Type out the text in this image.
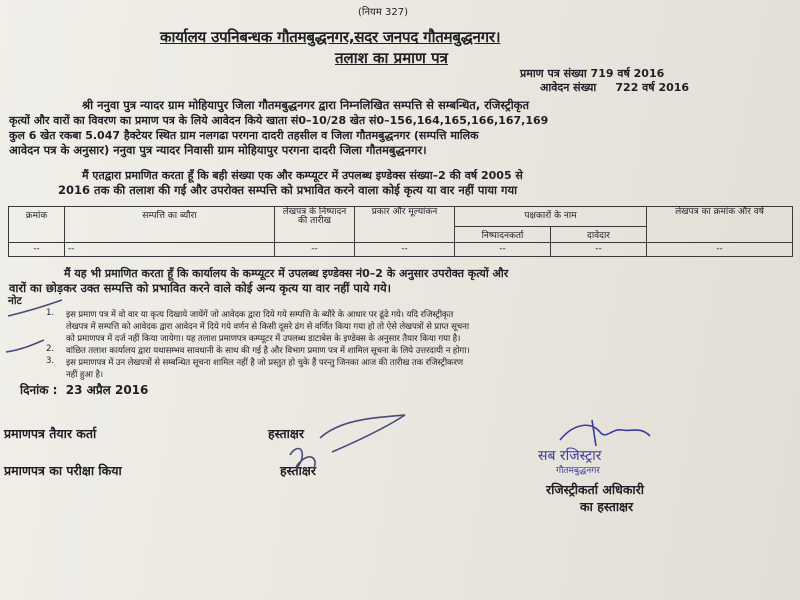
(नियम 327)
कार्यालय उपनिबन्धक गौतमबुद्धनगर,सदर जनपद गौतमबुद्धनगर।
तलाश का प्रमाण पत्र
प्रमाण पत्र संख्या 719 वर्ष 2016
आवेदन संख्या     722 वर्ष 2016
श्री ननुवा पुत्र न्यादर ग्राम मोहियापुर जिला गौतमबुद्धनगर द्वारा निम्नलिखित सम्पत्ति से सम्बन्धित, रजिस्ट्रीकृत
कृत्यों और वारों का विवरण का प्रमाण पत्र के लिये आवेदन किये खाता सं0–10/28 खेत सं0–156,164,165,166,167,169
कुल 6 खेत रकबा 5.047 हैक्टेयर स्थित ग्राम नलगढा परगना दादरी तहसील व जिला गौतमबुद्धनगर (सम्पत्ति मालिक
आवेदन पत्र के अनुसार) ननुवा पुत्र न्यादर निवासी ग्राम मोहियापुर परगना दादरी जिला गौतमबुद्धनगर।
मैं एतद्वारा प्रमाणित करता हूँ कि बही संख्या एक और कम्प्यूटर में उपलब्ध इण्डेक्स संख्या–2 की वर्ष 2005 से
2016 तक की तलाश की गई और उपरोक्त सम्पत्ति को प्रभावित करने वाला कोई कृत्य या वार नहीं पाया गया
क्रमांक	सम्पत्ति का ब्यौरा	लेखपत्र के निष्पादन की तारीख	प्रकार और मूल्यांकन	पक्षकारों के नाम		लेखपत्र का क्रमांक और वर्ष
				निष्पादनकर्ता	दावेदार	
--	--	--	--	--	--	--
मैं यह भी प्रमाणित करता हूँ कि कार्यालय के कम्प्यूटर में उपलब्ध इण्डेक्स नं0–2 के अनुसार उपरोक्त कृत्यों और
वारों का छोड़कर उक्त सम्पत्ति को प्रभावित करने वाले कोई अन्य कृत्य या वार नहीं पाये गये।
नोट
1. इस प्रमाण पत्र में वो वार या कृत्य दिखाये जायेंगें जो आवेदक द्वारा दिये गये सम्पत्ति के ब्यौरे के आधार पर ढूंढे गये। यदि रजिस्ट्रीकृत
लेखपत्र में सम्पत्ति को आवेदक द्वारा आवेदन में दिये गये वर्णन से किसी दूसरे ढंग से वर्णित किया गया हो तो ऐसे लेखपत्रों से प्राप्त सूचना
को प्रमाणपत्र में दर्ज नहीं किया जायेगा। यह तलाश प्रमाणपत्र कम्प्यूटर में उपलब्ध डाटाबेस के इण्डेक्स के अनुसार तैयार किया गया है।
2. वांछित तलाश कार्यालय द्वारा यथासम्भव सावधानी के साथ की गई है और विभाग प्रमाण पत्र में शामिल सूचना के लिये उत्तरदायी न होगा।
3. इस प्रमाणपत्र में उन लेखपत्रों से सम्बन्धित सूचना शामिल नहीं है जो प्रस्तुत हो चुके हैं परन्तु जिनका आज की तारीख तक रजिस्ट्रीकरण
नहीं हुआ है।
दिनांक :  23 अप्रैल 2016
प्रमाणपत्र तैयार कर्ता
प्रमाणपत्र का परीक्षा किया
हस्ताक्षर
हस्ताक्षर
सब रजिस्ट्रार
गौतमबुद्धनगर
रजिस्ट्रीकर्ता अधिकारी
का हस्ताक्षर
